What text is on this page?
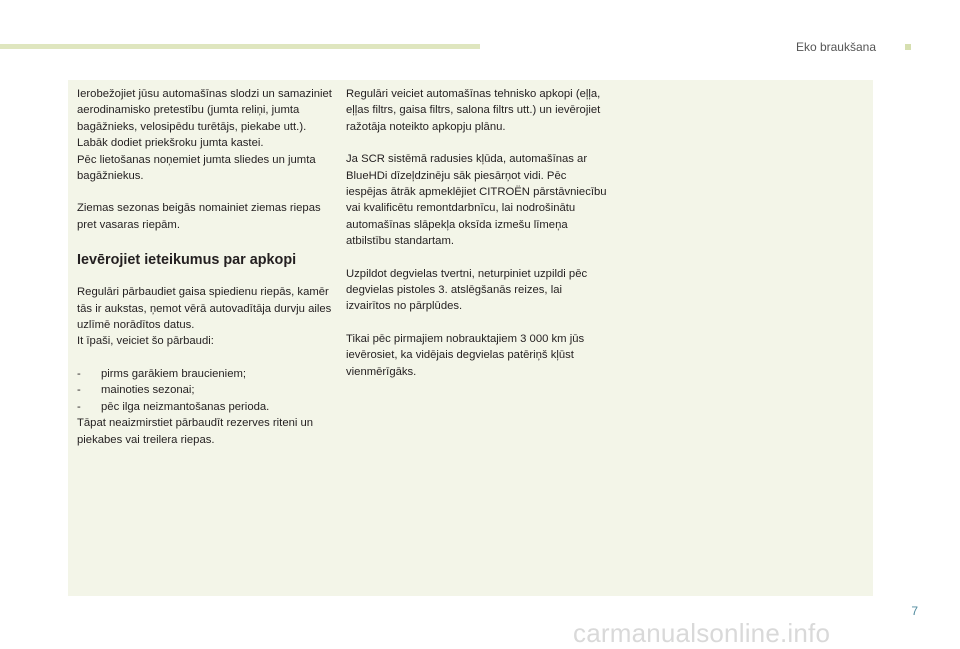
Eko braukšana

Ierobežojiet jūsu automašīnas slodzi un samaziniet aerodinamisko pretestību (jumta reliņi, jumta bagāžnieks, velosipēdu turētājs, piekabe utt.). Labāk dodiet priekšroku jumta kastei.
Pēc lietošanas noņemiet jumta sliedes un jumta bagāžniekus.

Ziemas sezonas beigās nomainiet ziemas riepas pret vasaras riepām.

Ievērojiet ieteikumus par apkopi

Regulāri pārbaudiet gaisa spiedienu riepās, kamēr tās ir aukstas, ņemot vērā autovadītāja durvju ailes uzlīmē norādītos datus.
It īpaši, veiciet šo pārbaudi:

- pirms garākiem braucieniem;
- mainoties sezonai;
- pēc ilga neizmantošanas perioda.
Tāpat neaizmirstiet pārbaudīt rezerves riteni un piekabes vai treilera riepas.

Regulāri veiciet automašīnas tehnisko apkopi (eļļa, eļļas filtrs, gaisa filtrs, salona filtrs utt.) un ievērojiet ražotāja noteikto apkopju plānu.

Ja SCR sistēmā radusies kļūda, automašīnas ar BlueHDi dīzeļdzinēju sāk piesārņot vidi. Pēc iespējas ātrāk apmeklējiet CITROËN pārstāvniecību vai kvalificētu remontdarbnīcu, lai nodrošinātu automašīnas slāpekļa oksīda izmešu līmeņa atbilstību standartam.

Uzpildot degvielas tvertni, neturpiniet uzpildi pēc degvielas pistoles 3. atslēgšanās reizes, lai izvairītos no pārplūdes.

Tikai pēc pirmajiem nobrauktajiem 3 000 km jūs ievērosiet, ka vidējais degvielas patēriņš kļūst vienmērīgāks.

7
carmanualsonline.info
